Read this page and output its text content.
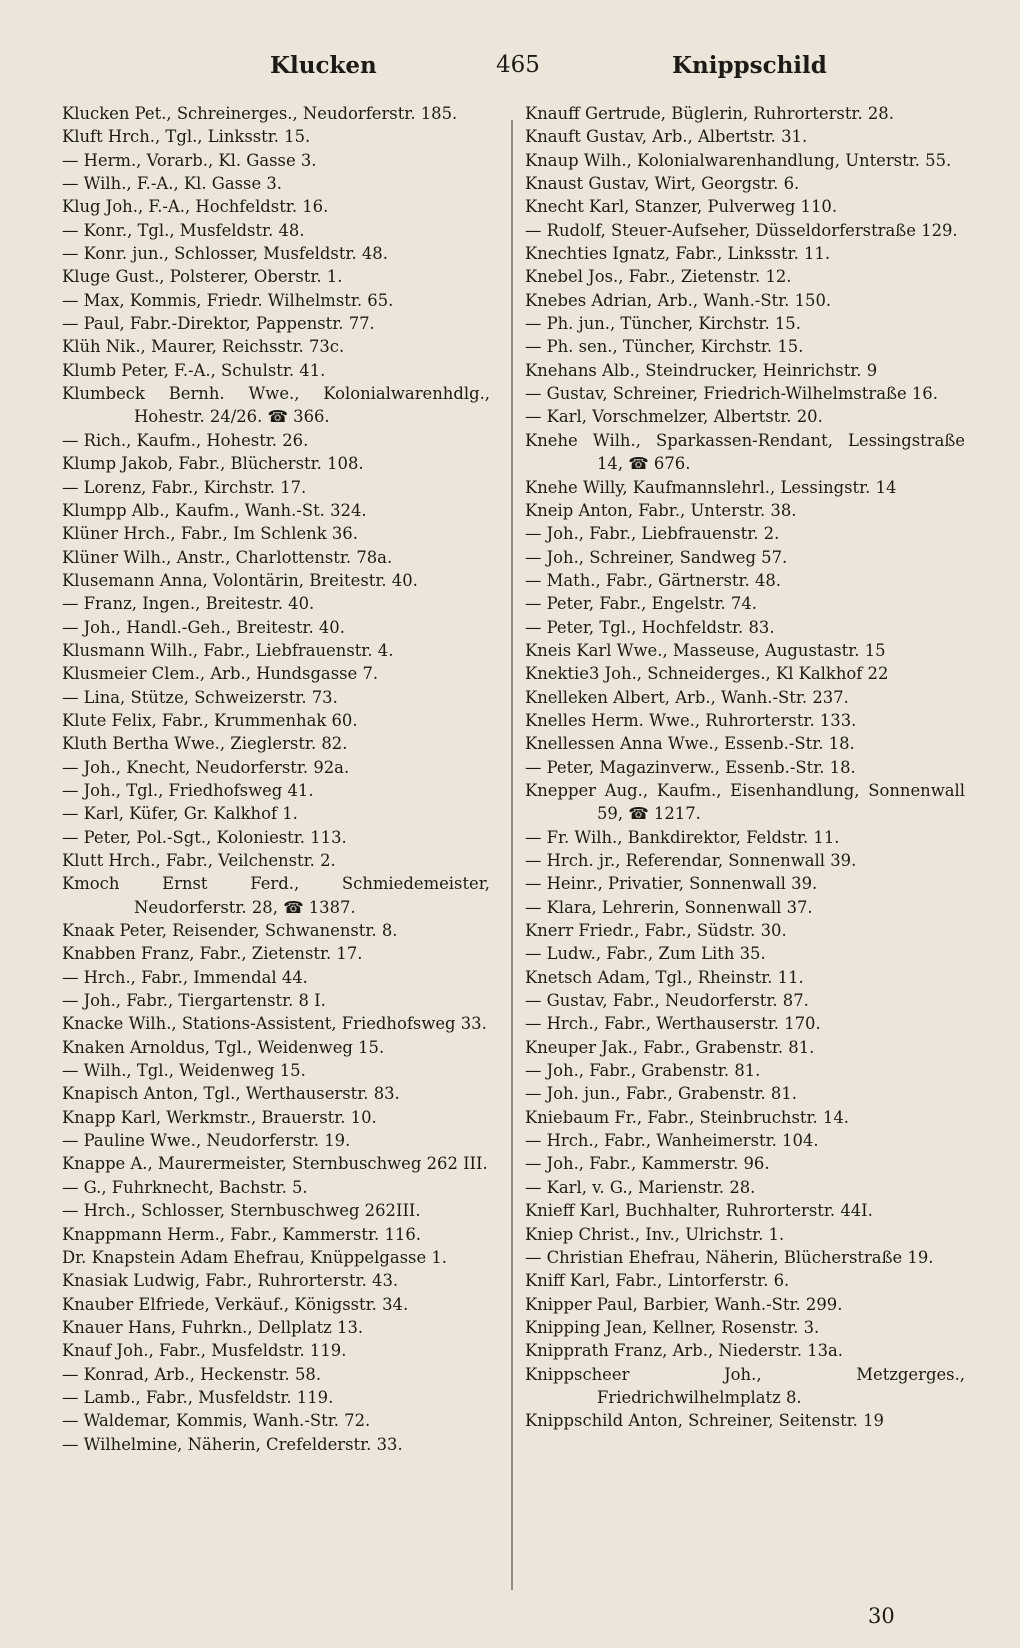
Klucken	465	Knippschild

Klucken Pet., Schreinerges., Neudorferstr. 185.

Kluft Hrch., Tgl., Linksstr. 15.

— Herm., Vorarb., Kl. Gasse 3.

— Wilh., F.-A., Kl. Gasse 3.

Klug Joh., F.-A., Hochfeldstr. 16.

— Konr., Tgl., Musfeldstr. 48.

— Konr. jun., Schlosser, Musfeldstr. 48.

Kluge Gust., Polsterer, Oberstr. 1.

— Max, Kommis, Friedr. Wilhelmstr. 65.

— Paul, Fabr.-Direktor, Pappenstr. 77.

Klüh Nik., Maurer, Reichsstr. 73c.

Klumb Peter, F.-A., Schulstr. 41.

Klumbeck Bernh. Wwe., Kolonialwarenhdlg., Hohestr. 24/26. ☎ 366.

— Rich., Kaufm., Hohestr. 26.

Klump Jakob, Fabr., Blücherstr. 108.

— Lorenz, Fabr., Kirchstr. 17.

Klumpp Alb., Kaufm., Wanh.-St. 324.

Klüner Hrch., Fabr., Im Schlenk 36.

Klüner Wilh., Anstr., Charlottenstr. 78a.

Klusemann Anna, Volontärin, Breitestr. 40.

— Franz, Ingen., Breitestr. 40.

— Joh., Handl.-Geh., Breitestr. 40.

Klusmann Wilh., Fabr., Liebfrauenstr. 4.

Klusmeier Clem., Arb., Hundsgasse 7.

— Lina, Stütze, Schweizerstr. 73.

Klute Felix, Fabr., Krummenhak 60.

Kluth Bertha Wwe., Zieglerstr. 82.

— Joh., Knecht, Neudorferstr. 92a.

— Joh., Tgl., Friedhofsweg 41.

— Karl, Küfer, Gr. Kalkhof 1.

— Peter, Pol.-Sgt., Koloniestr. 113.

Klutt Hrch., Fabr., Veilchenstr. 2.

Kmoch Ernst Ferd., Schmiedemeister, Neudorferstr. 28, ☎ 1387.

Knaak Peter, Reisender, Schwanenstr. 8.

Knabben Franz, Fabr., Zietenstr. 17.

— Hrch., Fabr., Immendal 44.

— Joh., Fabr., Tiergartenstr. 8 I.

Knacke Wilh., Stations-Assistent, Friedhofsweg 33.

Knaken Arnoldus, Tgl., Weidenweg 15.

— Wilh., Tgl., Weidenweg 15.

Knapisch Anton, Tgl., Werthauserstr. 83.

Knapp Karl, Werkmstr., Brauerstr. 10.

— Pauline Wwe., Neudorferstr. 19.

Knappe A., Maurermeister, Sternbuschweg 262 III.

— G., Fuhrknecht, Bachstr. 5.

— Hrch., Schlosser, Sternbuschweg 262III.

Knappmann Herm., Fabr., Kammerstr. 116.

Dr. Knapstein Adam Ehefrau, Knüppelgasse 1.

Knasiak Ludwig, Fabr., Ruhrorterstr. 43.

Knauber Elfriede, Verkäuf., Königsstr. 34.

Knauer Hans, Fuhrkn., Dellplatz 13.

Knauf Joh., Fabr., Musfeldstr. 119.

— Konrad, Arb., Heckenstr. 58.

— Lamb., Fabr., Musfeldstr. 119.

— Waldemar, Kommis, Wanh.-Str. 72.

— Wilhelmine, Näherin, Crefelderstr. 33.

Knauff Gertrude, Büglerin, Ruhrorterstr. 28.

Knauft Gustav, Arb., Albertstr. 31.

Knaup Wilh., Kolonialwarenhandlung, Unterstr. 55.

Knaust Gustav, Wirt, Georgstr. 6.

Knecht Karl, Stanzer, Pulverweg 110.

— Rudolf, Steuer-Aufseher, Düsseldorferstraße 129.

Knechties Ignatz, Fabr., Linksstr. 11.

Knebel Jos., Fabr., Zietenstr. 12.

Knebes Adrian, Arb., Wanh.-Str. 150.

— Ph. jun., Tüncher, Kirchstr. 15.

— Ph. sen., Tüncher, Kirchstr. 15.

Knehans Alb., Steindrucker, Heinrichstr. 9

— Gustav, Schreiner, Friedrich-Wilhelmstraße 16.

— Karl, Vorschmelzer, Albertstr. 20.

Knehe Wilh., Sparkassen-Rendant, Lessingstraße 14, ☎ 676.

Knehe Willy, Kaufmannslehrl., Lessingstr. 14

Kneip Anton, Fabr., Unterstr. 38.

— Joh., Fabr., Liebfrauenstr. 2.

— Joh., Schreiner, Sandweg 57.

— Math., Fabr., Gärtnerstr. 48.

— Peter, Fabr., Engelstr. 74.

— Peter, Tgl., Hochfeldstr. 83.

Kneis Karl Wwe., Masseuse, Augustastr. 15

Knektie3 Joh., Schneiderges., Kl Kalkhof 22

Knelleken Albert, Arb., Wanh.-Str. 237.

Knelles Herm. Wwe., Ruhrorterstr. 133.

Knellessen Anna Wwe., Essenb.-Str. 18.

— Peter, Magazinverw., Essenb.-Str. 18.

Knepper Aug., Kaufm., Eisenhandlung, Sonnenwall 59, ☎ 1217.

— Fr. Wilh., Bankdirektor, Feldstr. 11.

— Hrch. jr., Referendar, Sonnenwall 39.

— Heinr., Privatier, Sonnenwall 39.

— Klara, Lehrerin, Sonnenwall 37.

Knerr Friedr., Fabr., Südstr. 30.

— Ludw., Fabr., Zum Lith 35.

Knetsch Adam, Tgl., Rheinstr. 11.

— Gustav, Fabr., Neudorferstr. 87.

— Hrch., Fabr., Werthauserstr. 170.

Kneuper Jak., Fabr., Grabenstr. 81.

— Joh., Fabr., Grabenstr. 81.

— Joh. jun., Fabr., Grabenstr. 81.

Kniebaum Fr., Fabr., Steinbruchstr. 14.

— Hrch., Fabr., Wanheimerstr. 104.

— Joh., Fabr., Kammerstr. 96.

— Karl, v. G., Marienstr. 28.

Knieff Karl, Buchhalter, Ruhrorterstr. 44I.

Kniep Christ., Inv., Ulrichstr. 1.

— Christian Ehefrau, Näherin, Blücherstraße 19.

Kniff Karl, Fabr., Lintorferstr. 6.

Knipper Paul, Barbier, Wanh.-Str. 299.

Knipping Jean, Kellner, Rosenstr. 3.

Knipprath Franz, Arb., Niederstr. 13a.

Knippscheer Joh., Metzgerges., Friedrichwilhelmplatz 8.

Knippschild Anton, Schreiner, Seitenstr. 19

30
